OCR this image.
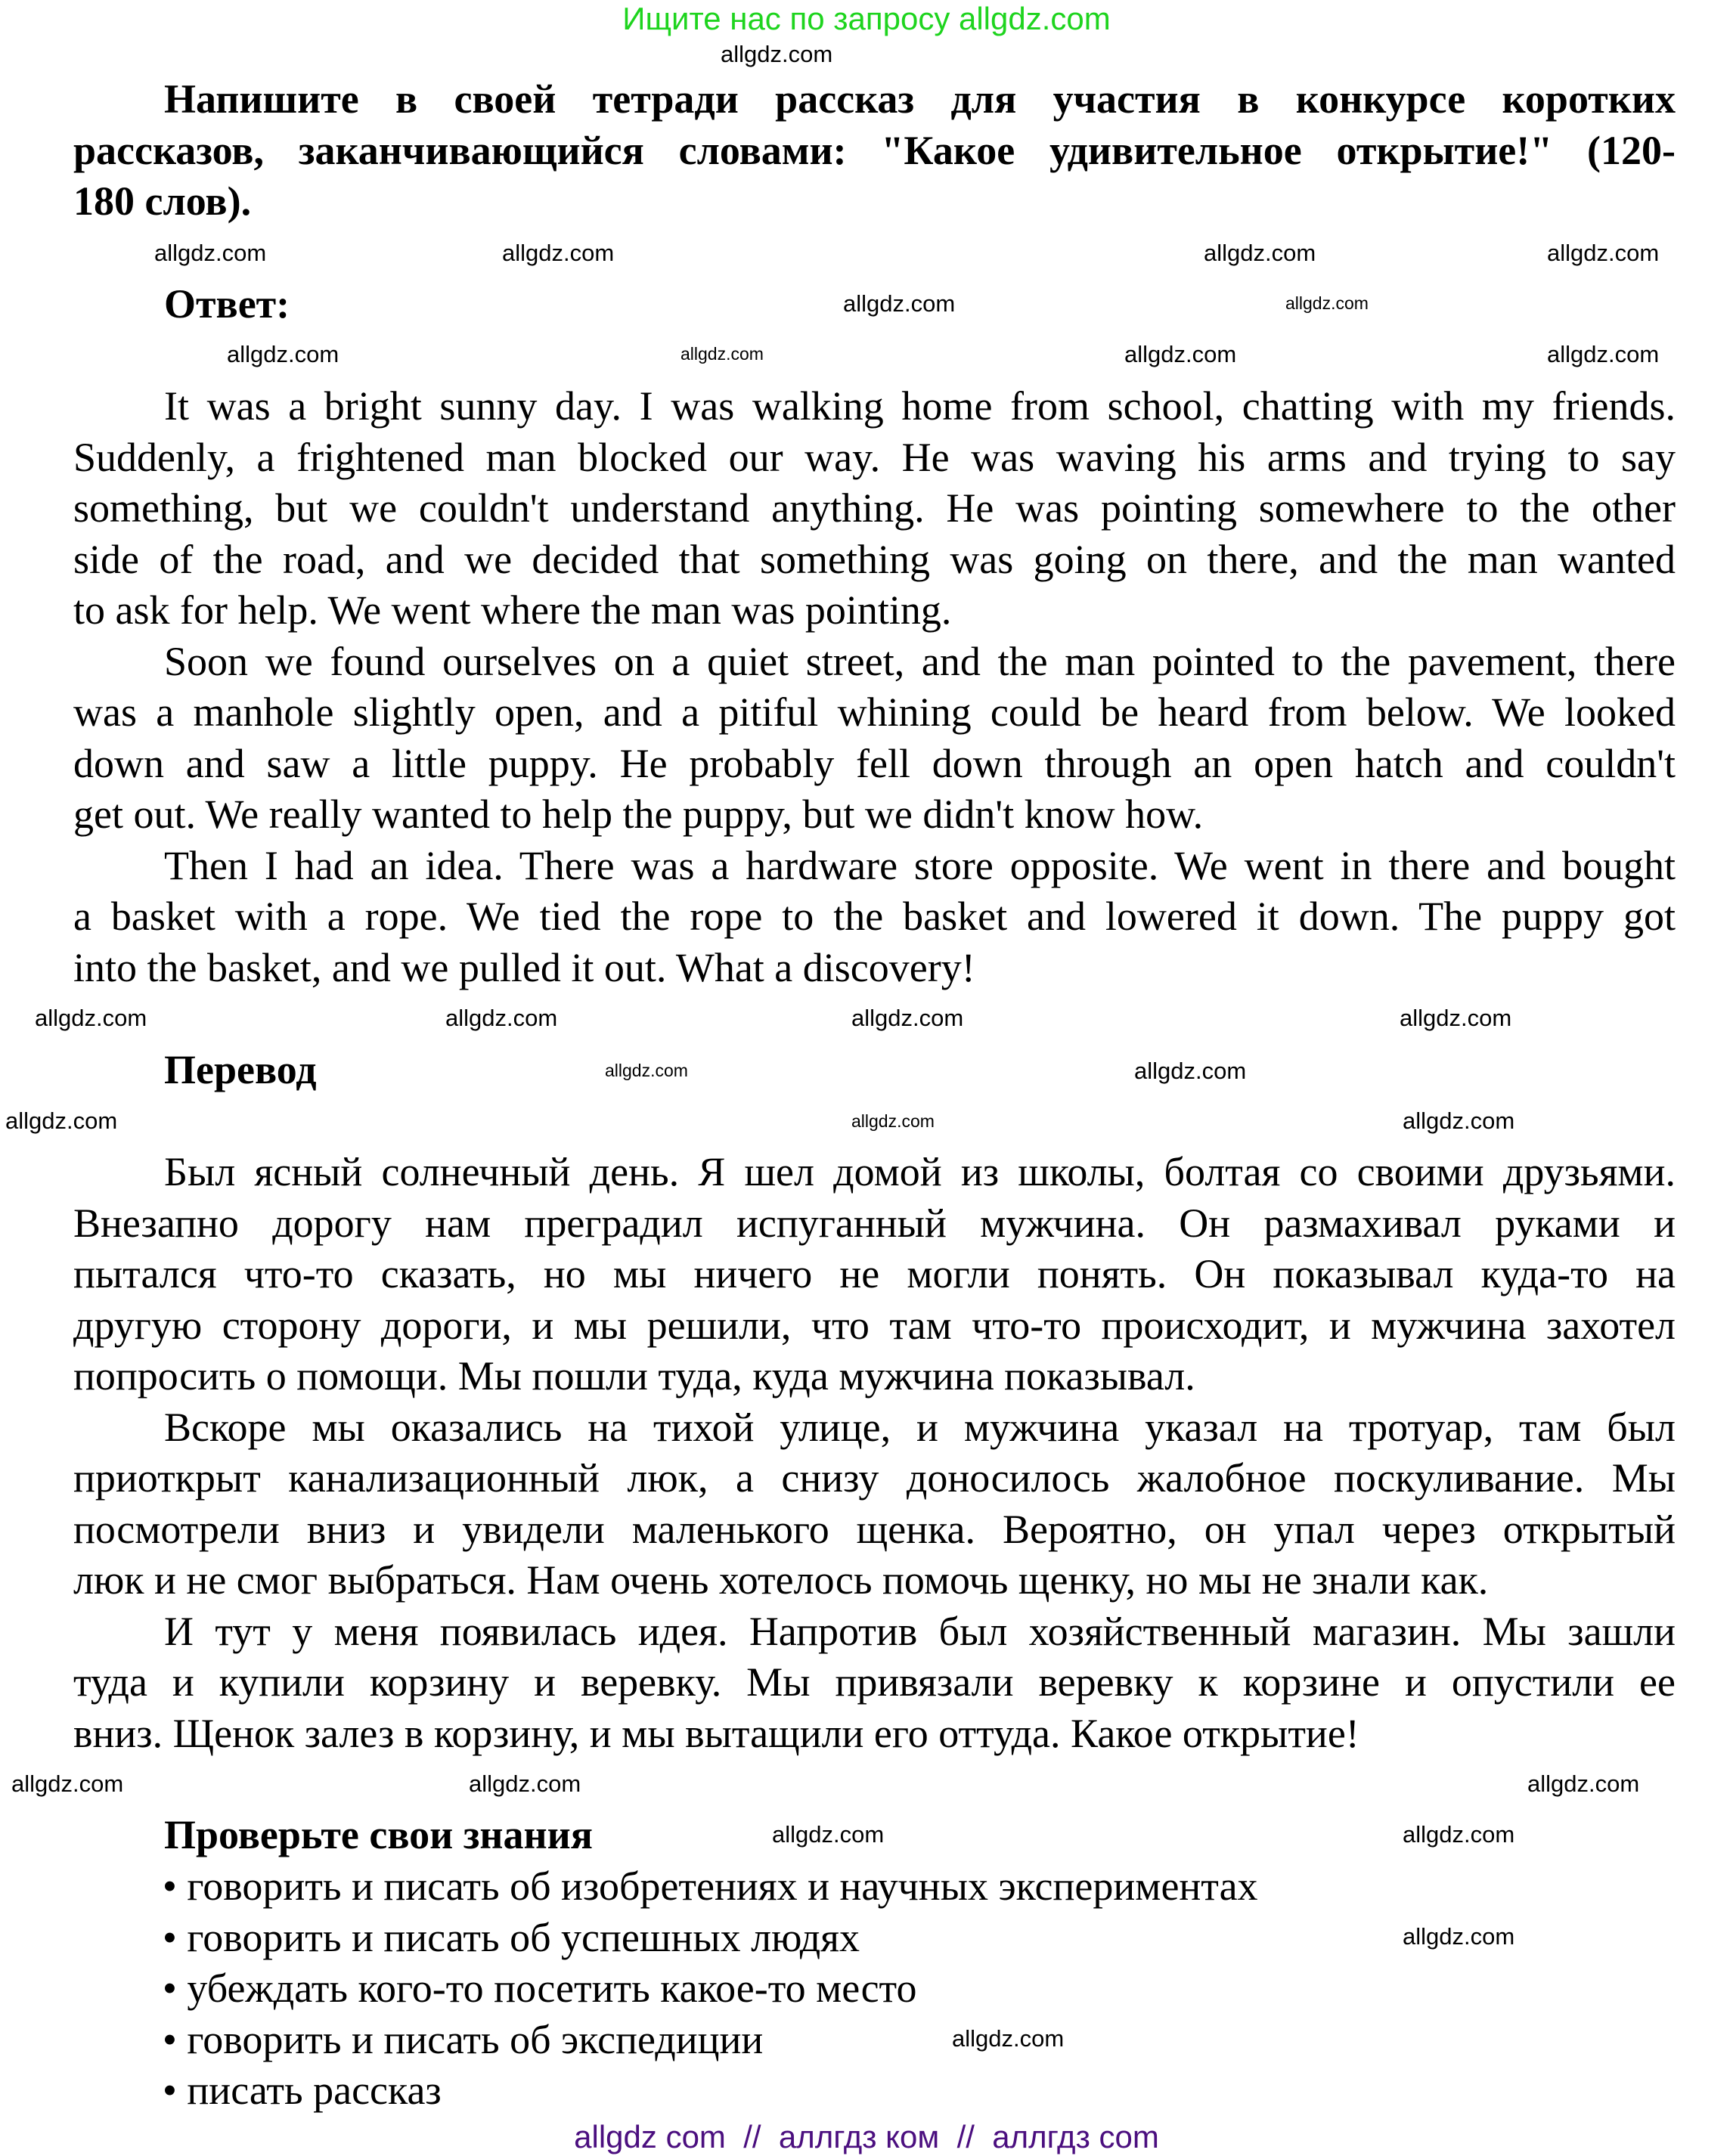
Ищите нас по запросу allgdz.com
Напишите в своей тетради рассказ для участия в конкурсе коротких
рассказов, заканчивающийся словами: "Какое удивительное открытие!" (120-
180 слов).
Ответ:
It was a bright sunny day. I was walking home from school, chatting with my friends.
Suddenly, a frightened man blocked our way. He was waving his arms and trying to say
something, but we couldn't understand anything. He was pointing somewhere to the other
side of the road, and we decided that something was going on there, and the man wanted
to ask for help. We went where the man was pointing.
Soon we found ourselves on a quiet street, and the man pointed to the pavement, there
was a manhole slightly open, and a pitiful whining could be heard from below. We looked
down and saw a little puppy. He probably fell down through an open hatch and couldn't
get out. We really wanted to help the puppy, but we didn't know how.
Then I had an idea. There was a hardware store opposite. We went in there and bought
a basket with a rope. We tied the rope to the basket and lowered it down. The puppy got
into the basket, and we pulled it out. What a discovery!
Перевод
Был ясный солнечный день. Я шел домой из школы, болтая со своими друзьями.
Внезапно дорогу нам преградил испуганный мужчина. Он размахивал руками и
пытался что-то сказать, но мы ничего не могли понять. Он показывал куда-то на
другую сторону дороги, и мы решили, что там что-то происходит, и мужчина захотел
попросить о помощи. Мы пошли туда, куда мужчина показывал.
Вскоре мы оказались на тихой улице, и мужчина указал на тротуар, там был
приоткрыт канализационный люк, а снизу доносилось жалобное поскуливание. Мы
посмотрели вниз и увидели маленького щенка. Вероятно, он упал через открытый
люк и не смог выбраться. Нам очень хотелось помочь щенку, но мы не знали как.
И тут у меня появилась идея. Напротив был хозяйственный магазин. Мы зашли
туда и купили корзину и веревку. Мы привязали веревку к корзине и опустили ее
вниз. Щенок залез в корзину, и мы вытащили его оттуда. Какое открытие!
Проверьте свои знания
• говорить и писать об изобретениях и научных экспериментах
• говорить и писать об успешных людях
• убеждать кого-то посетить какое-то место
• говорить и писать об экспедиции
• писать рассказ
allgdz com  //  аллгдз ком  //  аллгдз com
allgdz.com
allgdz.com	allgdz.com	allgdz.com	allgdz.com
allgdz.com	allgdz.com
allgdz.com	allgdz.com	allgdz.com	allgdz.com
allgdz.com	allgdz.com	allgdz.com	allgdz.com
allgdz.com	allgdz.com
allgdz.com	allgdz.com	allgdz.com
allgdz.com	allgdz.com	allgdz.com
allgdz.com	allgdz.com
allgdz.com
allgdz.com
